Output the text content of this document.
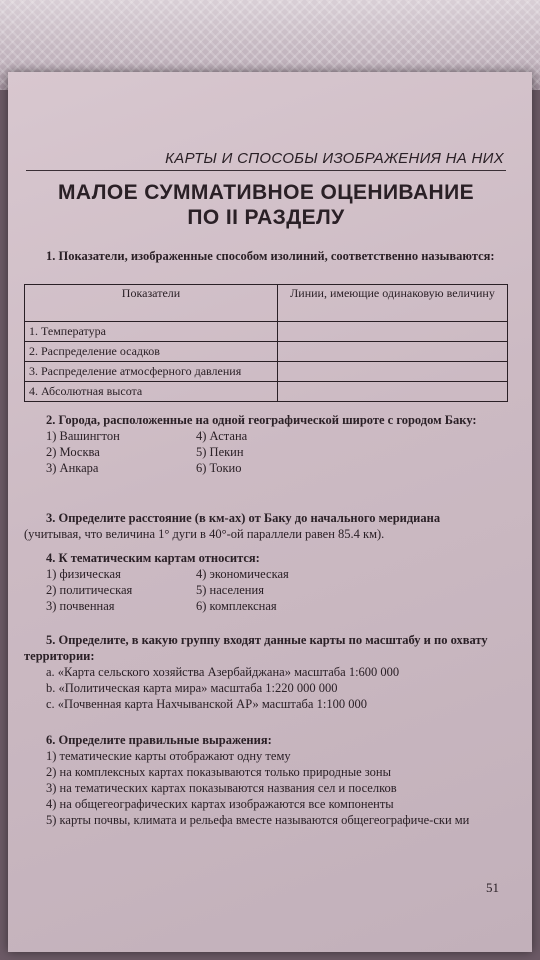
КАРТЫ И СПОСОБЫ ИЗОБРАЖЕНИЯ НА НИХ
МАЛОЕ СУММАТИВНОЕ ОЦЕНИВАНИЕ
ПО II РАЗДЕЛУ
1. Показатели, изображенные способом изолиний, соответственно называются:
Показатели	Линии, имеющие одинаковую величину
1. Температура	
2. Распределение осадков	
3. Распределение атмосферного давления	
4. Абсолютная высота	
2. Города, расположенные на одной географической широте с городом Баку:
1) Вашингтон	4) Астана
2) Москва	5) Пекин
3) Анкара	6) Токио
3. Определите расстояние (в км-ах) от Баку до начального меридиана
(учитывая, что величина 1° дуги в 40°-ой параллели равен 85.4 км).
4. К тематическим картам относится:
1) физическая	4) экономическая
2) политическая	5) населения
3) почвенная	6) комплексная
5. Определите, в какую группу входят данные карты по масштабу и по охвату территории:
a. «Карта сельского хозяйства Азербайджана» масштаба 1:600 000
b. «Политическая карта мира» масштаба 1:220 000 000
c. «Почвенная карта Нахчыванской АР» масштаба 1:100 000
6. Определите правильные выражения:
1) тематические карты отображают одну тему
2) на комплексных картах показываются только природные зоны
3) на тематических картах показываются названия сел и поселков
4) на общегеографических картах изображаются все компоненты
5) карты почвы, климата и рельефа вместе называются общегеографиче-ски ми
51
